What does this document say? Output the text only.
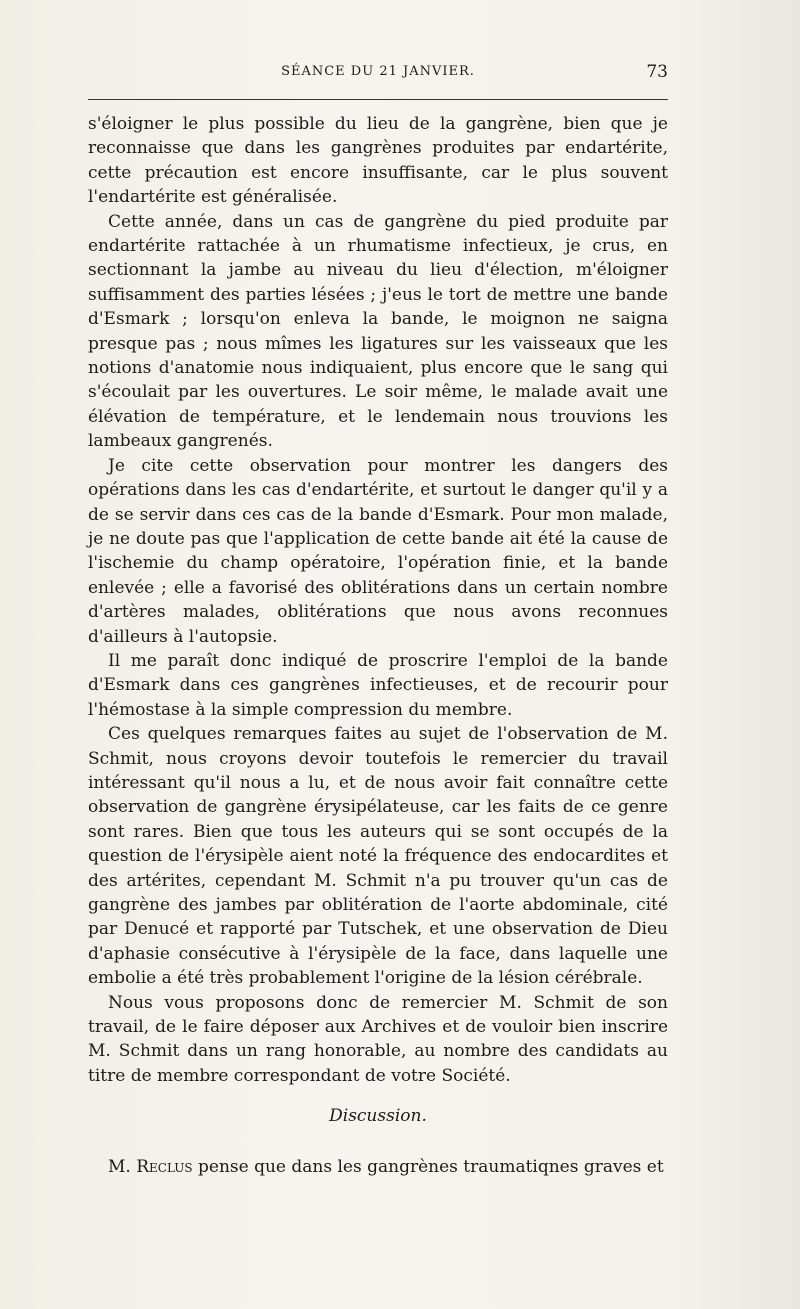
SÉANCE DU 21 JANVIER.	73

s'éloigner le plus possible du lieu de la gangrène, bien que je reconnaisse que dans les gangrènes produites par endartérite, cette précaution est encore insuffisante, car le plus souvent l'endartérite est généralisée.

Cette année, dans un cas de gangrène du pied produite par endartérite rattachée à un rhumatisme infectieux, je crus, en sectionnant la jambe au niveau du lieu d'élection, m'éloigner suffisamment des parties lésées ; j'eus le tort de mettre une bande d'Esmark ; lorsqu'on enleva la bande, le moignon ne saigna presque pas ; nous mîmes les ligatures sur les vaisseaux que les notions d'anatomie nous indiquaient, plus encore que le sang qui s'écoulait par les ouvertures. Le soir même, le malade avait une élévation de température, et le lendemain nous trouvions les lambeaux gangrenés.

Je cite cette observation pour montrer les dangers des opérations dans les cas d'endartérite, et surtout le danger qu'il y a de se servir dans ces cas de la bande d'Esmark. Pour mon malade, je ne doute pas que l'application de cette bande ait été la cause de l'ischemie du champ opératoire, l'opération finie, et la bande enlevée ; elle a favorisé des oblitérations dans un certain nombre d'artères malades, oblitérations que nous avons reconnues d'ailleurs à l'autopsie.

Il me paraît donc indiqué de proscrire l'emploi de la bande d'Esmark dans ces gangrènes infectieuses, et de recourir pour l'hémostase à la simple compression du membre.

Ces quelques remarques faites au sujet de l'observation de M. Schmit, nous croyons devoir toutefois le remercier du travail intéressant qu'il nous a lu, et de nous avoir fait connaître cette observation de gangrène érysipélateuse, car les faits de ce genre sont rares. Bien que tous les auteurs qui se sont occupés de la question de l'érysipèle aient noté la fréquence des endocardites et des artérites, cependant M. Schmit n'a pu trouver qu'un cas de gangrène des jambes par oblitération de l'aorte abdominale, cité par Denucé et rapporté par Tutschek, et une observation de Dieu d'aphasie consécutive à l'érysipèle de la face, dans laquelle une embolie a été très probablement l'origine de la lésion cérébrale.

Nous vous proposons donc de remercier M. Schmit de son travail, de le faire déposer aux Archives et de vouloir bien inscrire M. Schmit dans un rang honorable, au nombre des candidats au titre de membre correspondant de votre Société.

Discussion.

M. Reclus pense que dans les gangrènes traumatiqnes graves et
